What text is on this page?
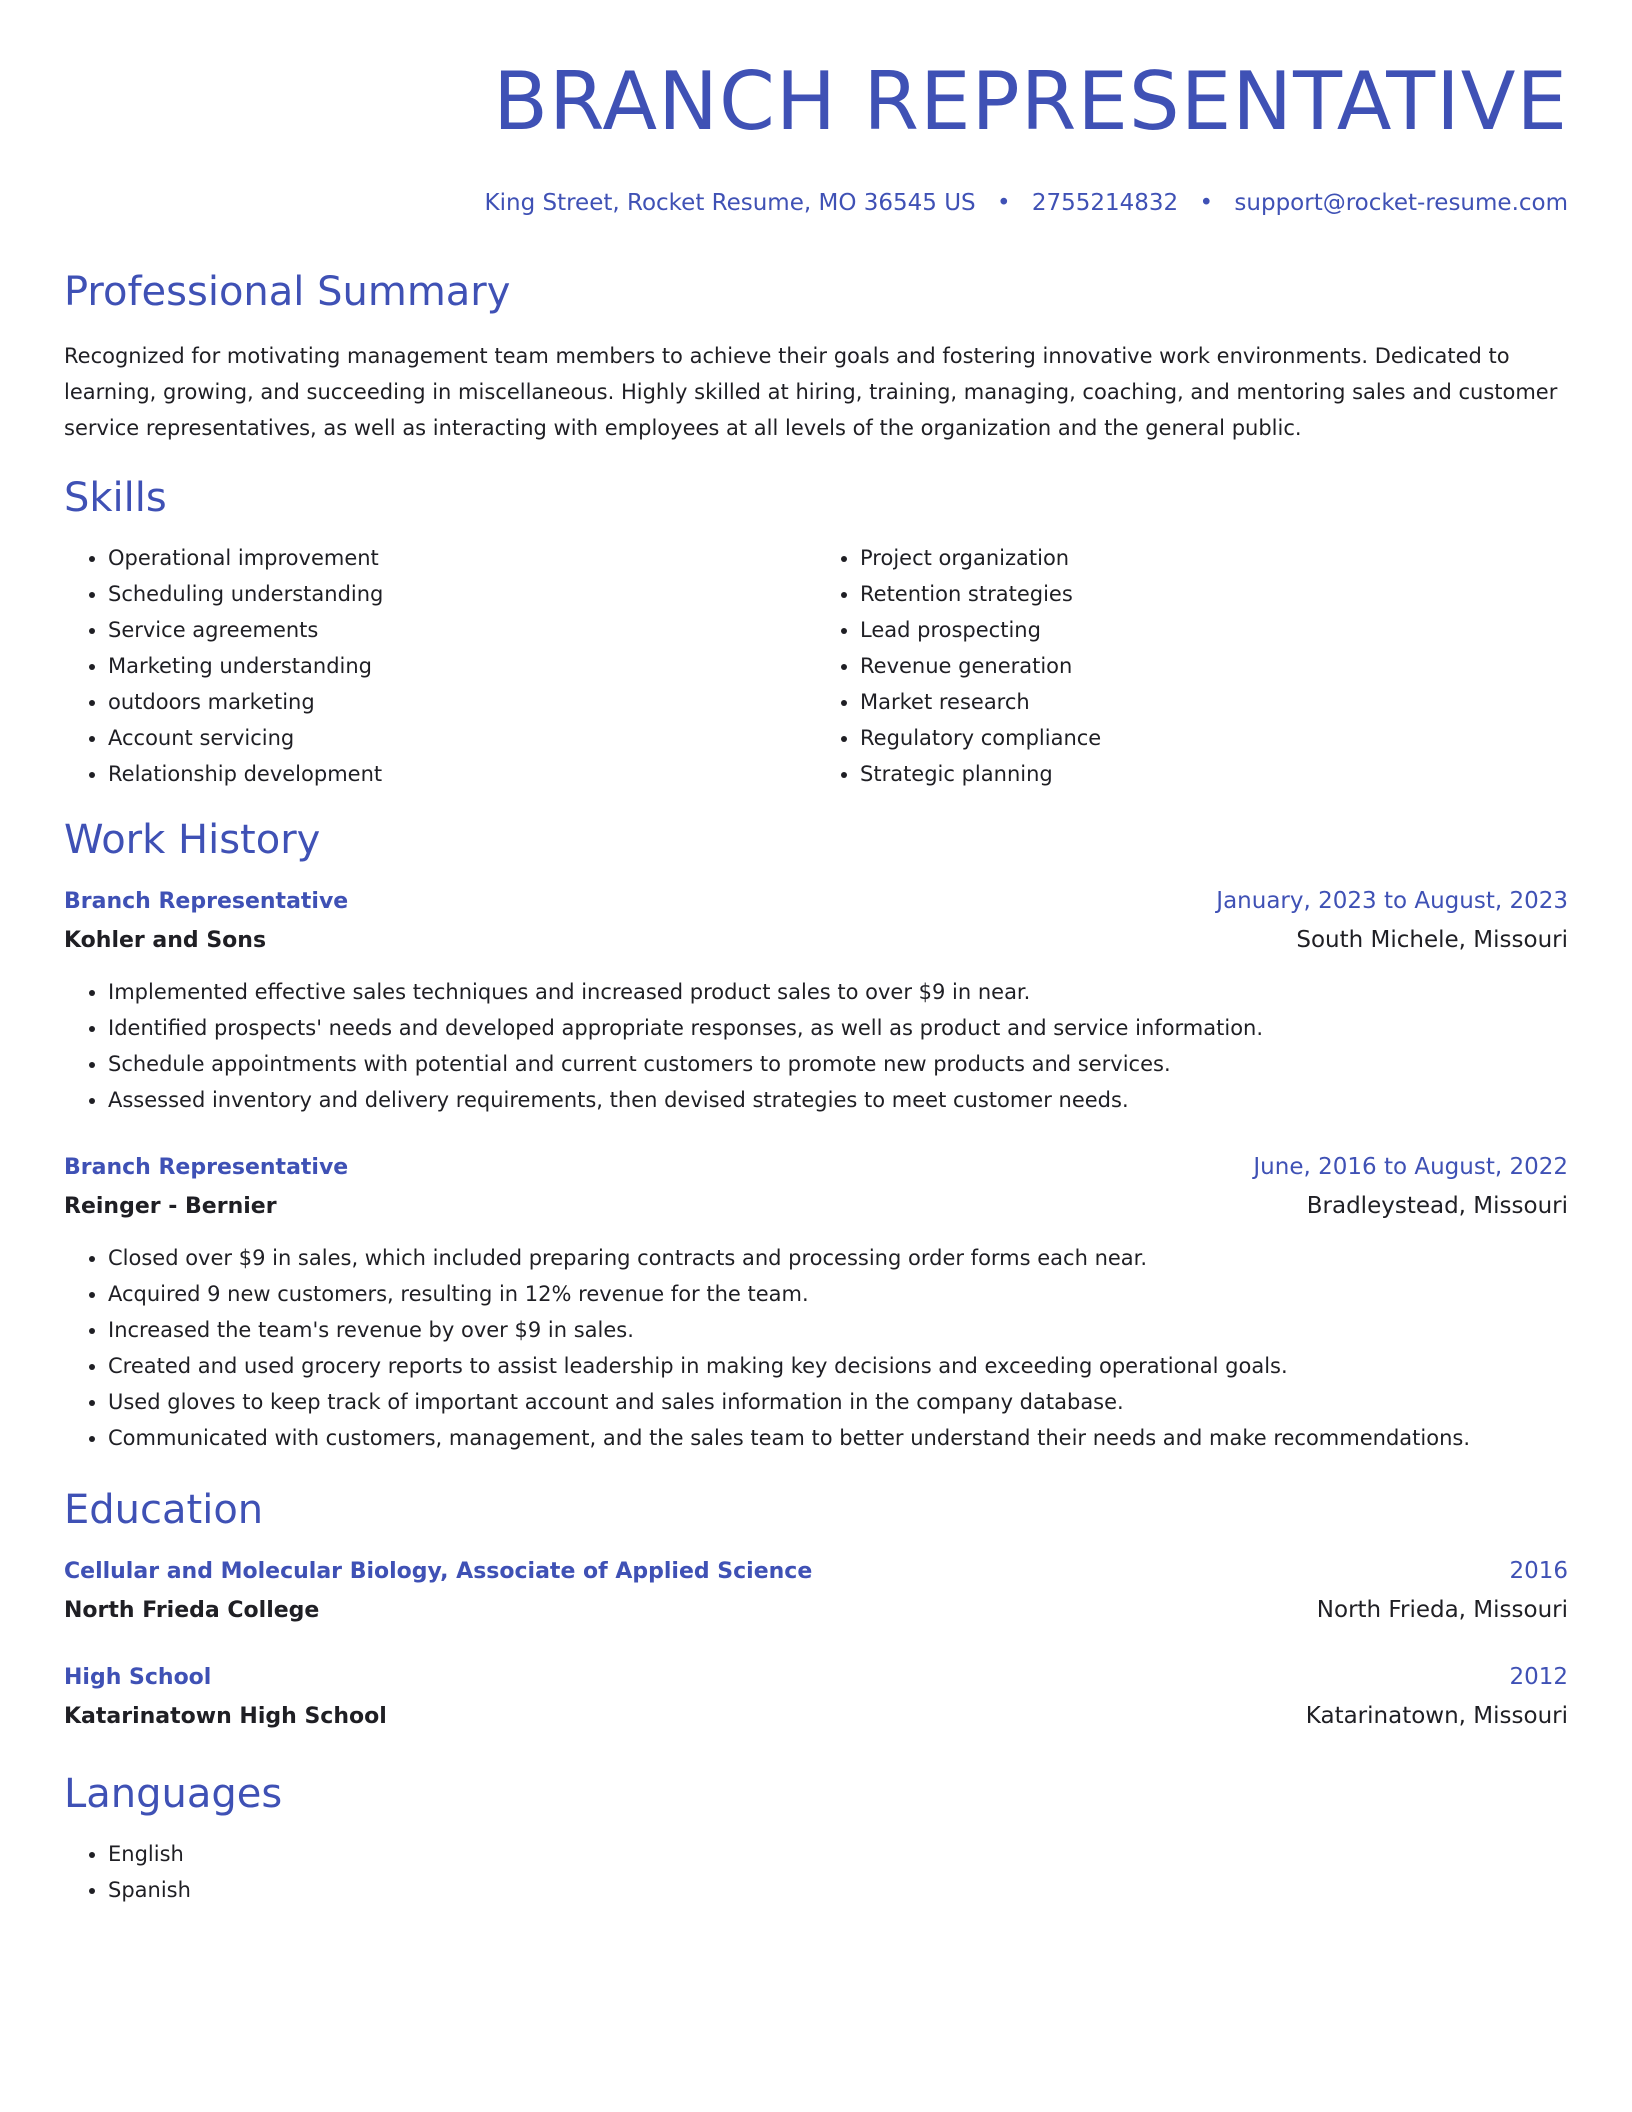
BRANCH REPRESENTATIVE
King Street, Rocket Resume, MO 36545 US • 2755214832 • support@rocket-resume.com
Professional Summary

Recognized for motivating management team members to achieve their goals and fostering innovative work environments. Dedicated to learning, growing, and succeeding in miscellaneous. Highly skilled at hiring, training, managing, coaching, and mentoring sales and customer service representatives, as well as interacting with employees at all levels of the organization and the general public.

Skills
• Operational improvement
• Scheduling understanding
• Service agreements
• Marketing understanding
• outdoors marketing
• Account servicing
• Relationship development
• Project organization
• Retention strategies
• Lead prospecting
• Revenue generation
• Market research
• Regulatory compliance
• Strategic planning
Work History
Branch Representative	January, 2023 to August, 2023
Kohler and Sons	South Michele, Missouri
• Implemented effective sales techniques and increased product sales to over $9 in near.
• Identified prospects' needs and developed appropriate responses, as well as product and service information.
• Schedule appointments with potential and current customers to promote new products and services.
• Assessed inventory and delivery requirements, then devised strategies to meet customer needs.
Branch Representative	June, 2016 to August, 2022
Reinger - Bernier	Bradleystead, Missouri
• Closed over $9 in sales, which included preparing contracts and processing order forms each near.
• Acquired 9 new customers, resulting in 12% revenue for the team.
• Increased the team's revenue by over $9 in sales.
• Created and used grocery reports to assist leadership in making key decisions and exceeding operational goals.
• Used gloves to keep track of important account and sales information in the company database.
• Communicated with customers, management, and the sales team to better understand their needs and make recommendations.
Education
Cellular and Molecular Biology, Associate of Applied Science	2016
North Frieda College	North Frieda, Missouri
High School	2012
Katarinatown High School	Katarinatown, Missouri
Languages
• English
• Spanish
